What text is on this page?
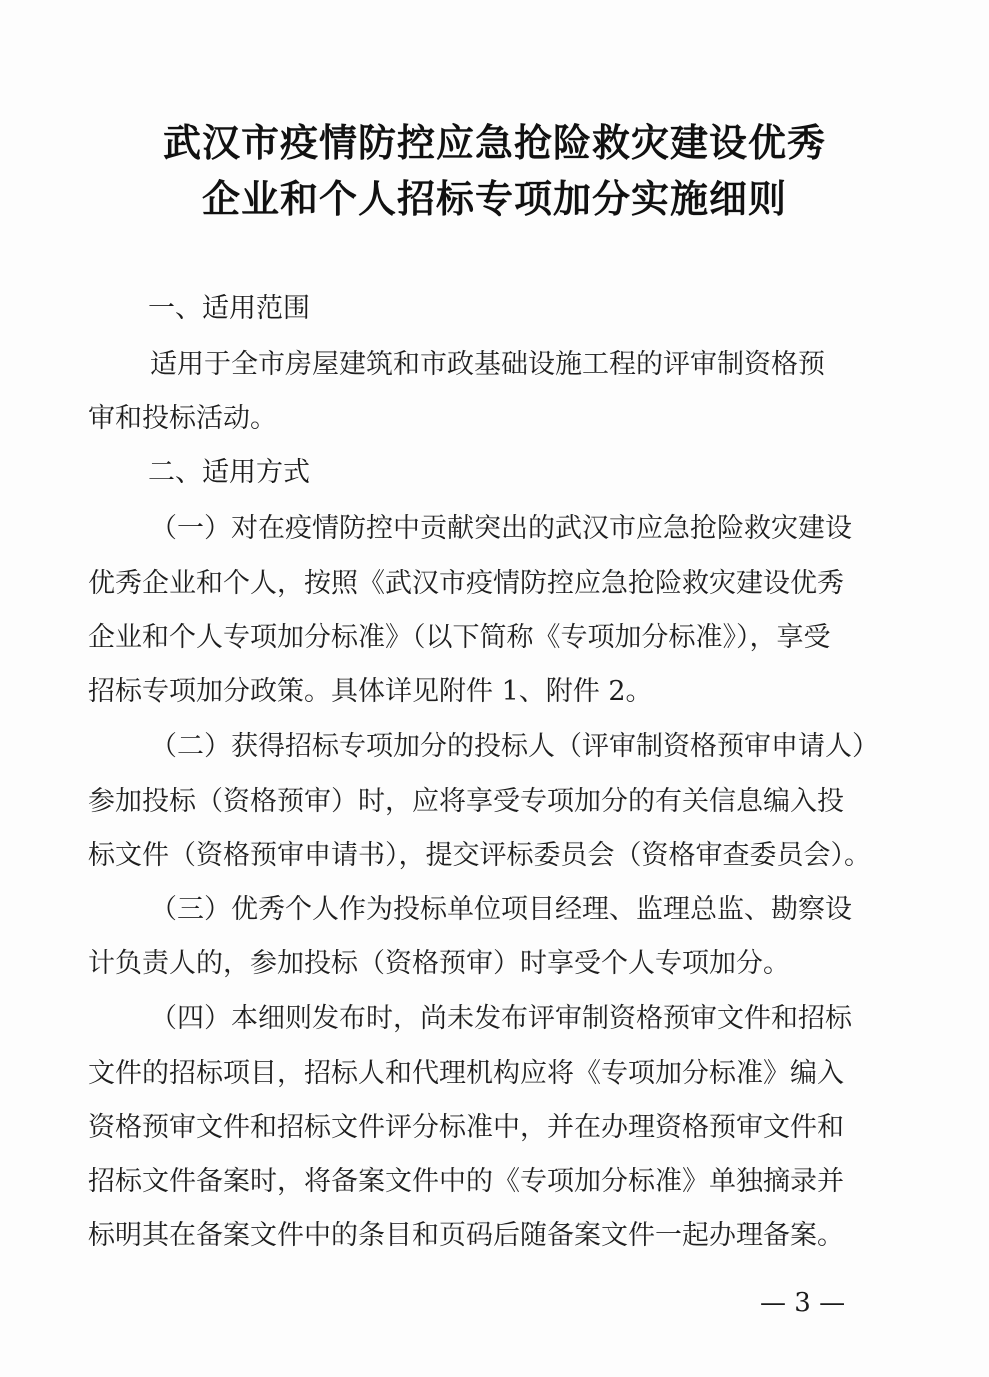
武汉市疫情防控应急抢险救灾建设优秀
企业和个人招标专项加分实施细则
一、适用范围
适用于全市房屋建筑和市政基础设施工程的评审制资格预
审和投标活动。
二、适用方式
（一）对在疫情防控中贡献突出的武汉市应急抢险救灾建设
优秀企业和个人，按照《武汉市疫情防控应急抢险救灾建设优秀
企业和个人专项加分标准》（以下简称《专项加分标准》），享受
招标专项加分政策。具体详见附件 1、附件 2。
（二）获得招标专项加分的投标人（评审制资格预审申请人）
参加投标（资格预审）时，应将享受专项加分的有关信息编入投
标文件（资格预审申请书），提交评标委员会（资格审查委员会）。
（三）优秀个人作为投标单位项目经理、监理总监、勘察设
计负责人的，参加投标（资格预审）时享受个人专项加分。
（四）本细则发布时，尚未发布评审制资格预审文件和招标
文件的招标项目，招标人和代理机构应将《专项加分标准》编入
资格预审文件和招标文件评分标准中，并在办理资格预审文件和
招标文件备案时，将备案文件中的《专项加分标准》单独摘录并
标明其在备案文件中的条目和页码后随备案文件一起办理备案。
— 3 —
